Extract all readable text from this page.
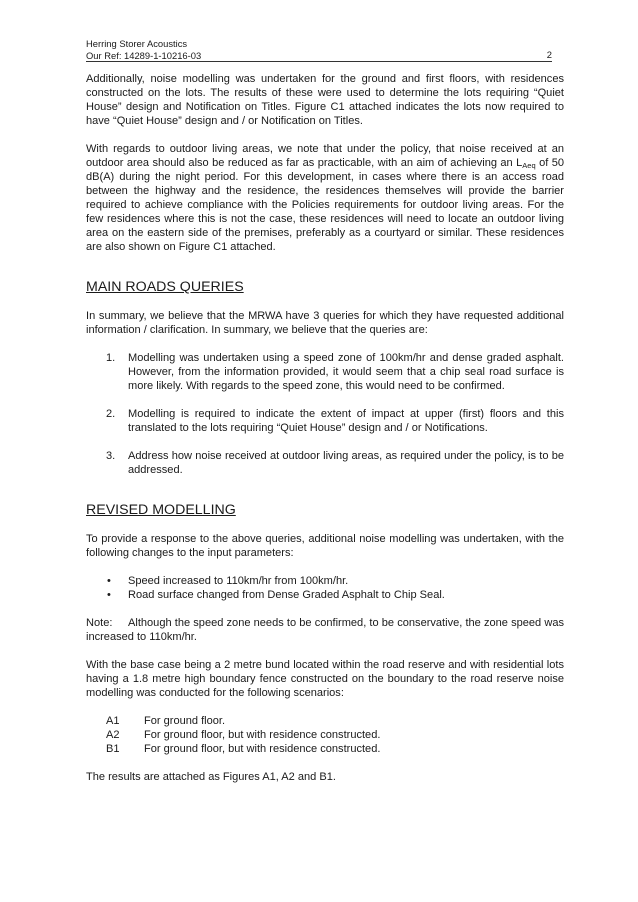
Herring Storer Acoustics
Our Ref: 14289-1-10216-03	2

Additionally, noise modelling was undertaken for the ground and first floors, with residences constructed on the lots. The results of these were used to determine the lots requiring “Quiet House” design and Notification on Titles. Figure C1 attached indicates the lots now required to have “Quiet House” design and / or Notification on Titles.

With regards to outdoor living areas, we note that under the policy, that noise received at an outdoor area should also be reduced as far as practicable, with an aim of achieving an $L_{Aeq}$ of 50 dB(A) during the night period. For this development, in cases where there is an access road between the highway and the residence, the residences themselves will provide the barrier required to achieve compliance with the Policies requirements for outdoor living areas. For the few residences where this is not the case, these residences will need to locate an outdoor living area on the eastern side of the premises, preferably as a courtyard or similar. These residences are also shown on Figure C1 attached.

MAIN ROADS QUERIES

In summary, we believe that the MRWA have 3 queries for which they have requested additional information / clarification. In summary, we believe that the queries are:

1. Modelling was undertaken using a speed zone of 100km/hr and dense graded asphalt. However, from the information provided, it would seem that a chip seal road surface is more likely. With regards to the speed zone, this would need to be confirmed.
2. Modelling is required to indicate the extent of impact at upper (first) floors and this translated to the lots requiring “Quiet House” design and / or Notifications.
3. Address how noise received at outdoor living areas, as required under the policy, is to be addressed.
REVISED MODELLING

To provide a response to the above queries, additional noise modelling was undertaken, with the following changes to the input parameters:

• Speed increased to 110km/hr from 100km/hr.
• Road surface changed from Dense Graded Asphalt to Chip Seal.

Note: Although the speed zone needs to be confirmed, to be conservative, the zone speed was increased to 110km/hr.

With the base case being a 2 metre bund located within the road reserve and with residential lots having a 1.8 metre high boundary fence constructed on the boundary to the road reserve noise modelling was conducted for the following scenarios:

A1	For ground floor.
A2	For ground floor, but with residence constructed.
B1	For ground floor, but with residence constructed.

The results are attached as Figures A1, A2 and B1.
